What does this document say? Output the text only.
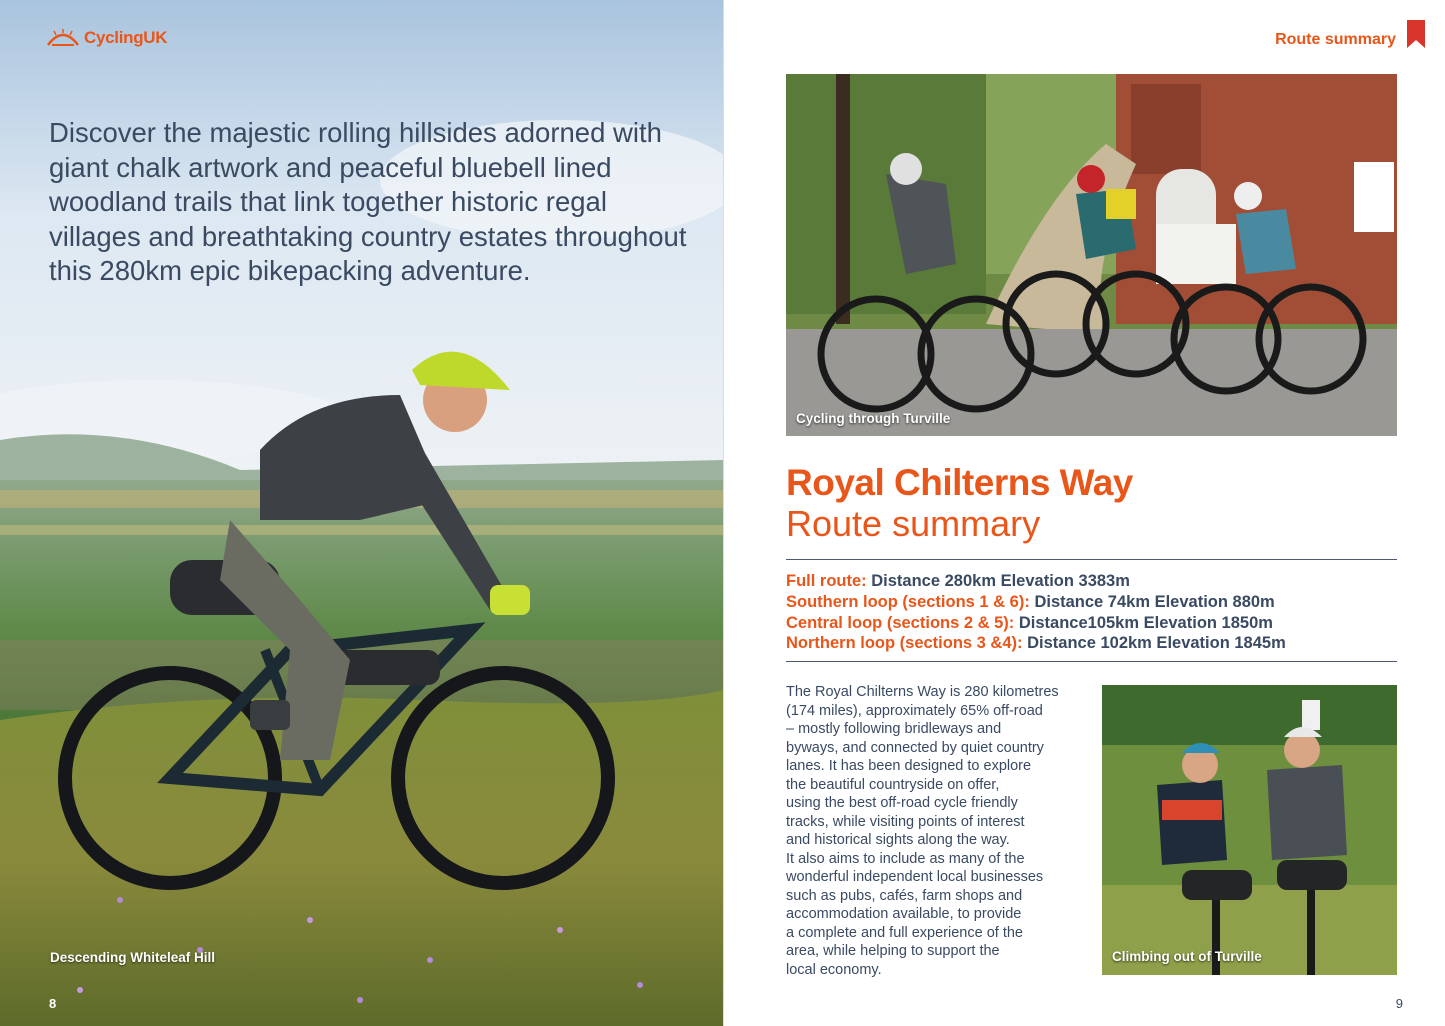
CyclingUK

Discover the majestic rolling hillsides adorned with giant chalk artwork and peaceful bluebell lined woodland trails that link together historic regal villages and breathtaking country estates throughout this 280km epic bikepacking adventure.

Descending Whiteleaf Hill
8
Route summary
Cycling through Turville
Royal Chilterns Way
Route summary
Full route: Distance 280km Elevation 3383m
Southern loop (sections 1 & 6): Distance 74km Elevation 880m
Central loop (sections 2 & 5): Distance105km Elevation 1850m
Northern loop (sections 3 &4): Distance 102km Elevation 1845m

The Royal Chilterns Way is 280 kilometres
(174 miles), approximately 65% off-road
– mostly following bridleways and
byways, and connected by quiet country
lanes. It has been designed to explore
the beautiful countryside on offer,
using the best off-road cycle friendly
tracks, while visiting points of interest
and historical sights along the way.
It also aims to include as many of the
wonderful independent local businesses
such as pubs, cafés, farm shops and
accommodation available, to provide
a complete and full experience of the
area, while helping to support the
local economy.

Climbing out of Turville
9
